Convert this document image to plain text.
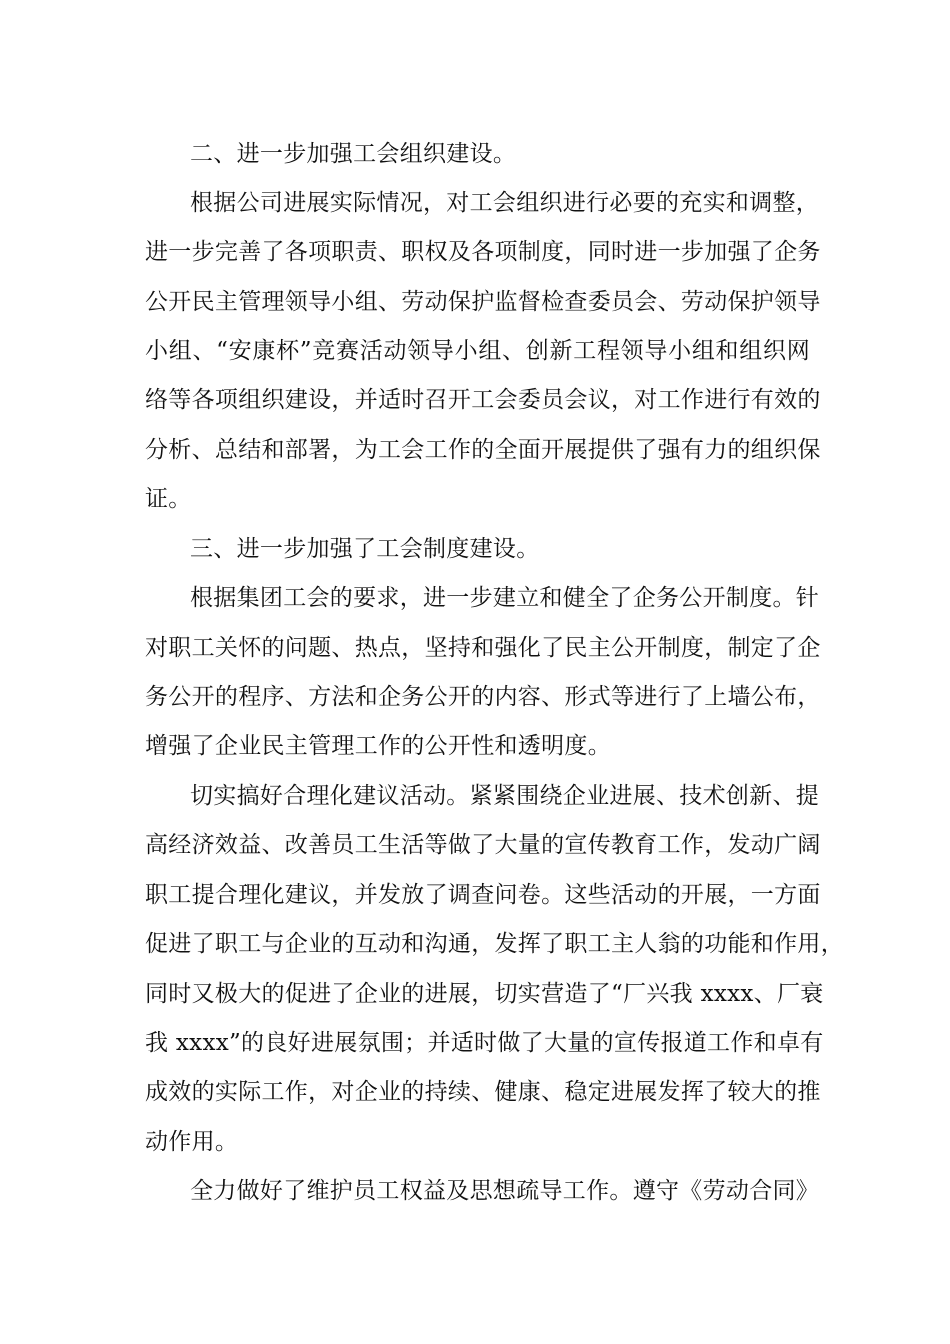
二、进一步加强工会组织建设。
根据公司进展实际情况，对工会组织进行必要的充实和调整，
进一步完善了各项职责、职权及各项制度，同时进一步加强了企务
公开民主管理领导小组、劳动保护监督检查委员会、劳动保护领导
小组、“安康杯”竞赛活动领导小组、创新工程领导小组和组织网
络等各项组织建设，并适时召开工会委员会议，对工作进行有效的
分析、总结和部署，为工会工作的全面开展提供了强有力的组织保
证。
三、进一步加强了工会制度建设。
根据集团工会的要求，进一步建立和健全了企务公开制度。针
对职工关怀的问题、热点，坚持和强化了民主公开制度，制定了企
务公开的程序、方法和企务公开的内容、形式等进行了上墙公布，
增强了企业民主管理工作的公开性和透明度。
切实搞好合理化建议活动。紧紧围绕企业进展、技术创新、提
高经济效益、改善员工生活等做了大量的宣传教育工作，发动广阔
职工提合理化建议，并发放了调查问卷。这些活动的开展，一方面
促进了职工与企业的互动和沟通，发挥了职工主人翁的功能和作用，
同时又极大的促进了企业的进展，切实营造了“厂兴我 xxxx、厂衰
我 xxxx”的良好进展氛围；并适时做了大量的宣传报道工作和卓有
成效的实际工作，对企业的持续、健康、稳定进展发挥了较大的推
动作用。
全力做好了维护员工权益及思想疏导工作。遵守《劳动合同》
